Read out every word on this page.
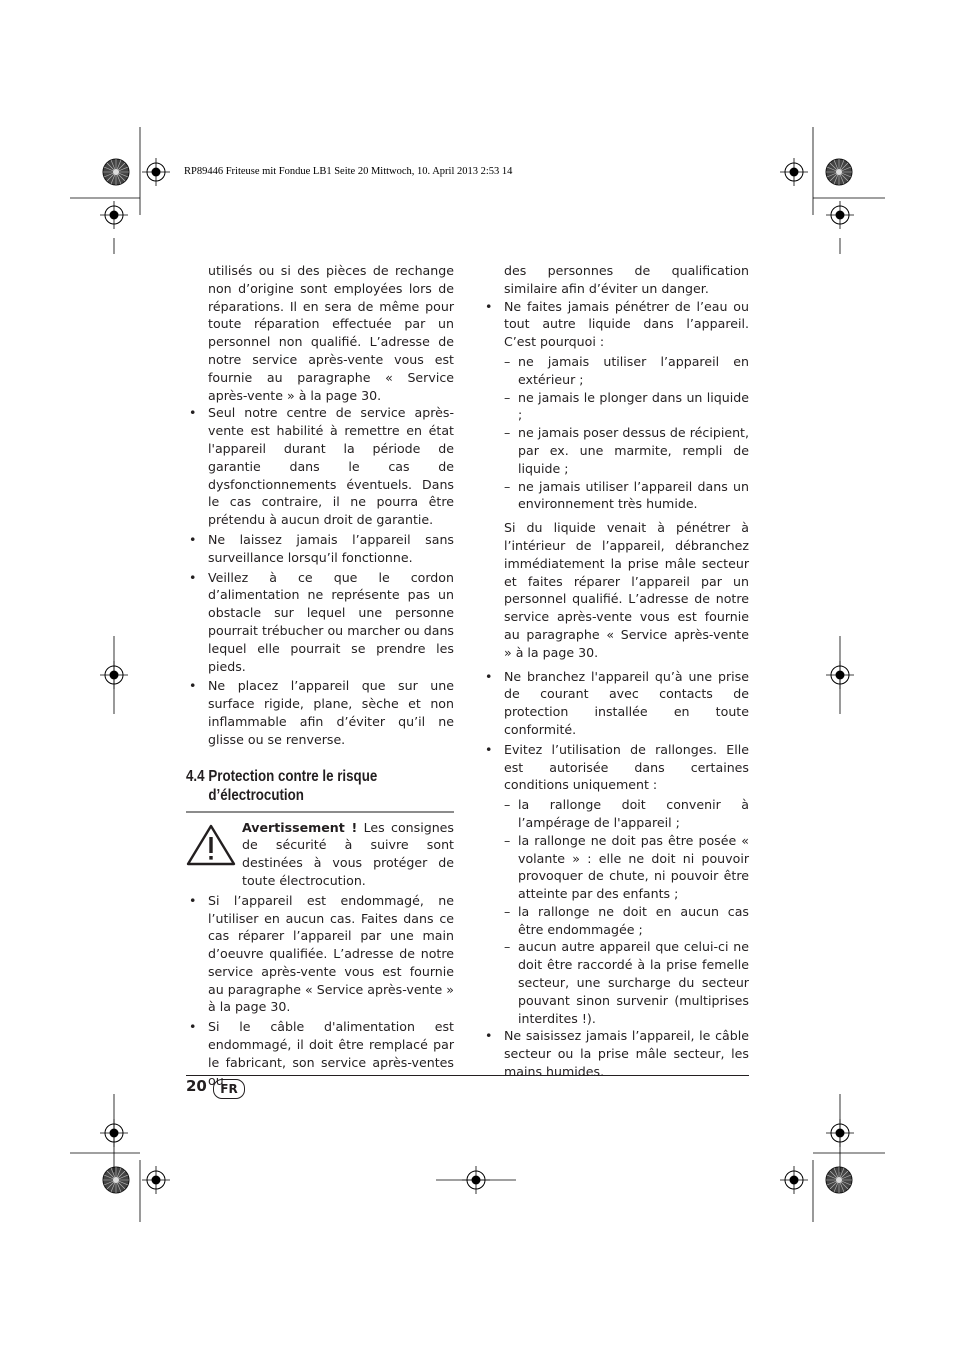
RP89446 Friteuse mit Fondue LB1 Seite 20 Mittwoch, 10. April 2013 2:53 14

utilisés ou si des pièces de rechange non d’origine sont employées lors de réparations. Il en sera de même pour toute réparation effectuée par un personnel non qualifié. L’adresse de notre service après-vente vous est fournie au paragraphe « Service après-vente » à la page 30.

• Seul notre centre de service après-vente est habilité à remettre en état l'appareil durant la période de garantie dans le cas de dysfonctionnements éventuels. Dans le cas contraire, il ne pourra être prétendu à aucun droit de garantie.

• Ne laissez jamais l’appareil sans surveillance lorsqu’il fonctionne.

• Veillez à ce que le cordon d’alimentation ne représente pas un obstacle sur lequel une personne pourrait trébucher ou marcher ou dans lequel elle pourrait se prendre les pieds.

• Ne placez l’appareil que sur une surface rigide, plane, sèche et non inflammable afin d’éviter qu’il ne glisse ou se renverse.

4.4 Protection contre le risque
d’électrocution
Avertissement ! Les consignes de sécurité à suivre sont destinées à vous protéger de toute électrocution.

• Si l’appareil est endommagé, ne l’utiliser en aucun cas. Faites dans ce cas réparer l’appareil par une main d’oeuvre qualifiée. L’adresse de notre service après-vente vous est fournie au paragraphe « Service après-vente » à la page 30.

• Si le câble d'alimentation est endommagé, il doit être remplacé par le fabricant, son service après-ventes ou

des personnes de qualification similaire afin d’éviter un danger.

• Ne faites jamais pénétrer de l’eau ou tout autre liquide dans l’appareil. C’est pourquoi :

– ne jamais utiliser l’appareil en extérieur ;

– ne jamais le plonger dans un liquide ;

– ne jamais poser dessus de récipient, par ex. une marmite, rempli de liquide ;

– ne jamais utiliser l’appareil dans un environnement très humide.

Si du liquide venait à pénétrer à l’intérieur de l’appareil, débranchez immédiatement la prise mâle secteur et faites réparer l’appareil par un personnel qualifié. L’adresse de notre service après-vente vous est fournie au paragraphe « Service après-vente » à la page 30.

• Ne branchez l'appareil qu’à une prise de courant avec contacts de protection installée en toute conformité.

• Evitez l’utilisation de rallonges. Elle est autorisée dans certaines conditions uniquement :

– la rallonge doit convenir à l’ampérage de l'appareil ;

– la rallonge ne doit pas être posée « volante » : elle ne doit ni pouvoir provoquer de chute, ni pouvoir être atteinte par des enfants ;

– la rallonge ne doit en aucun cas être endommagée ;

– aucun autre appareil que celui-ci ne doit être raccordé à la prise femelle secteur, une surcharge du secteur pouvant sinon survenir (multiprises interdites !).

• Ne saisissez jamais l’appareil, le câble secteur ou la prise mâle secteur, les mains humides.

20	FR
